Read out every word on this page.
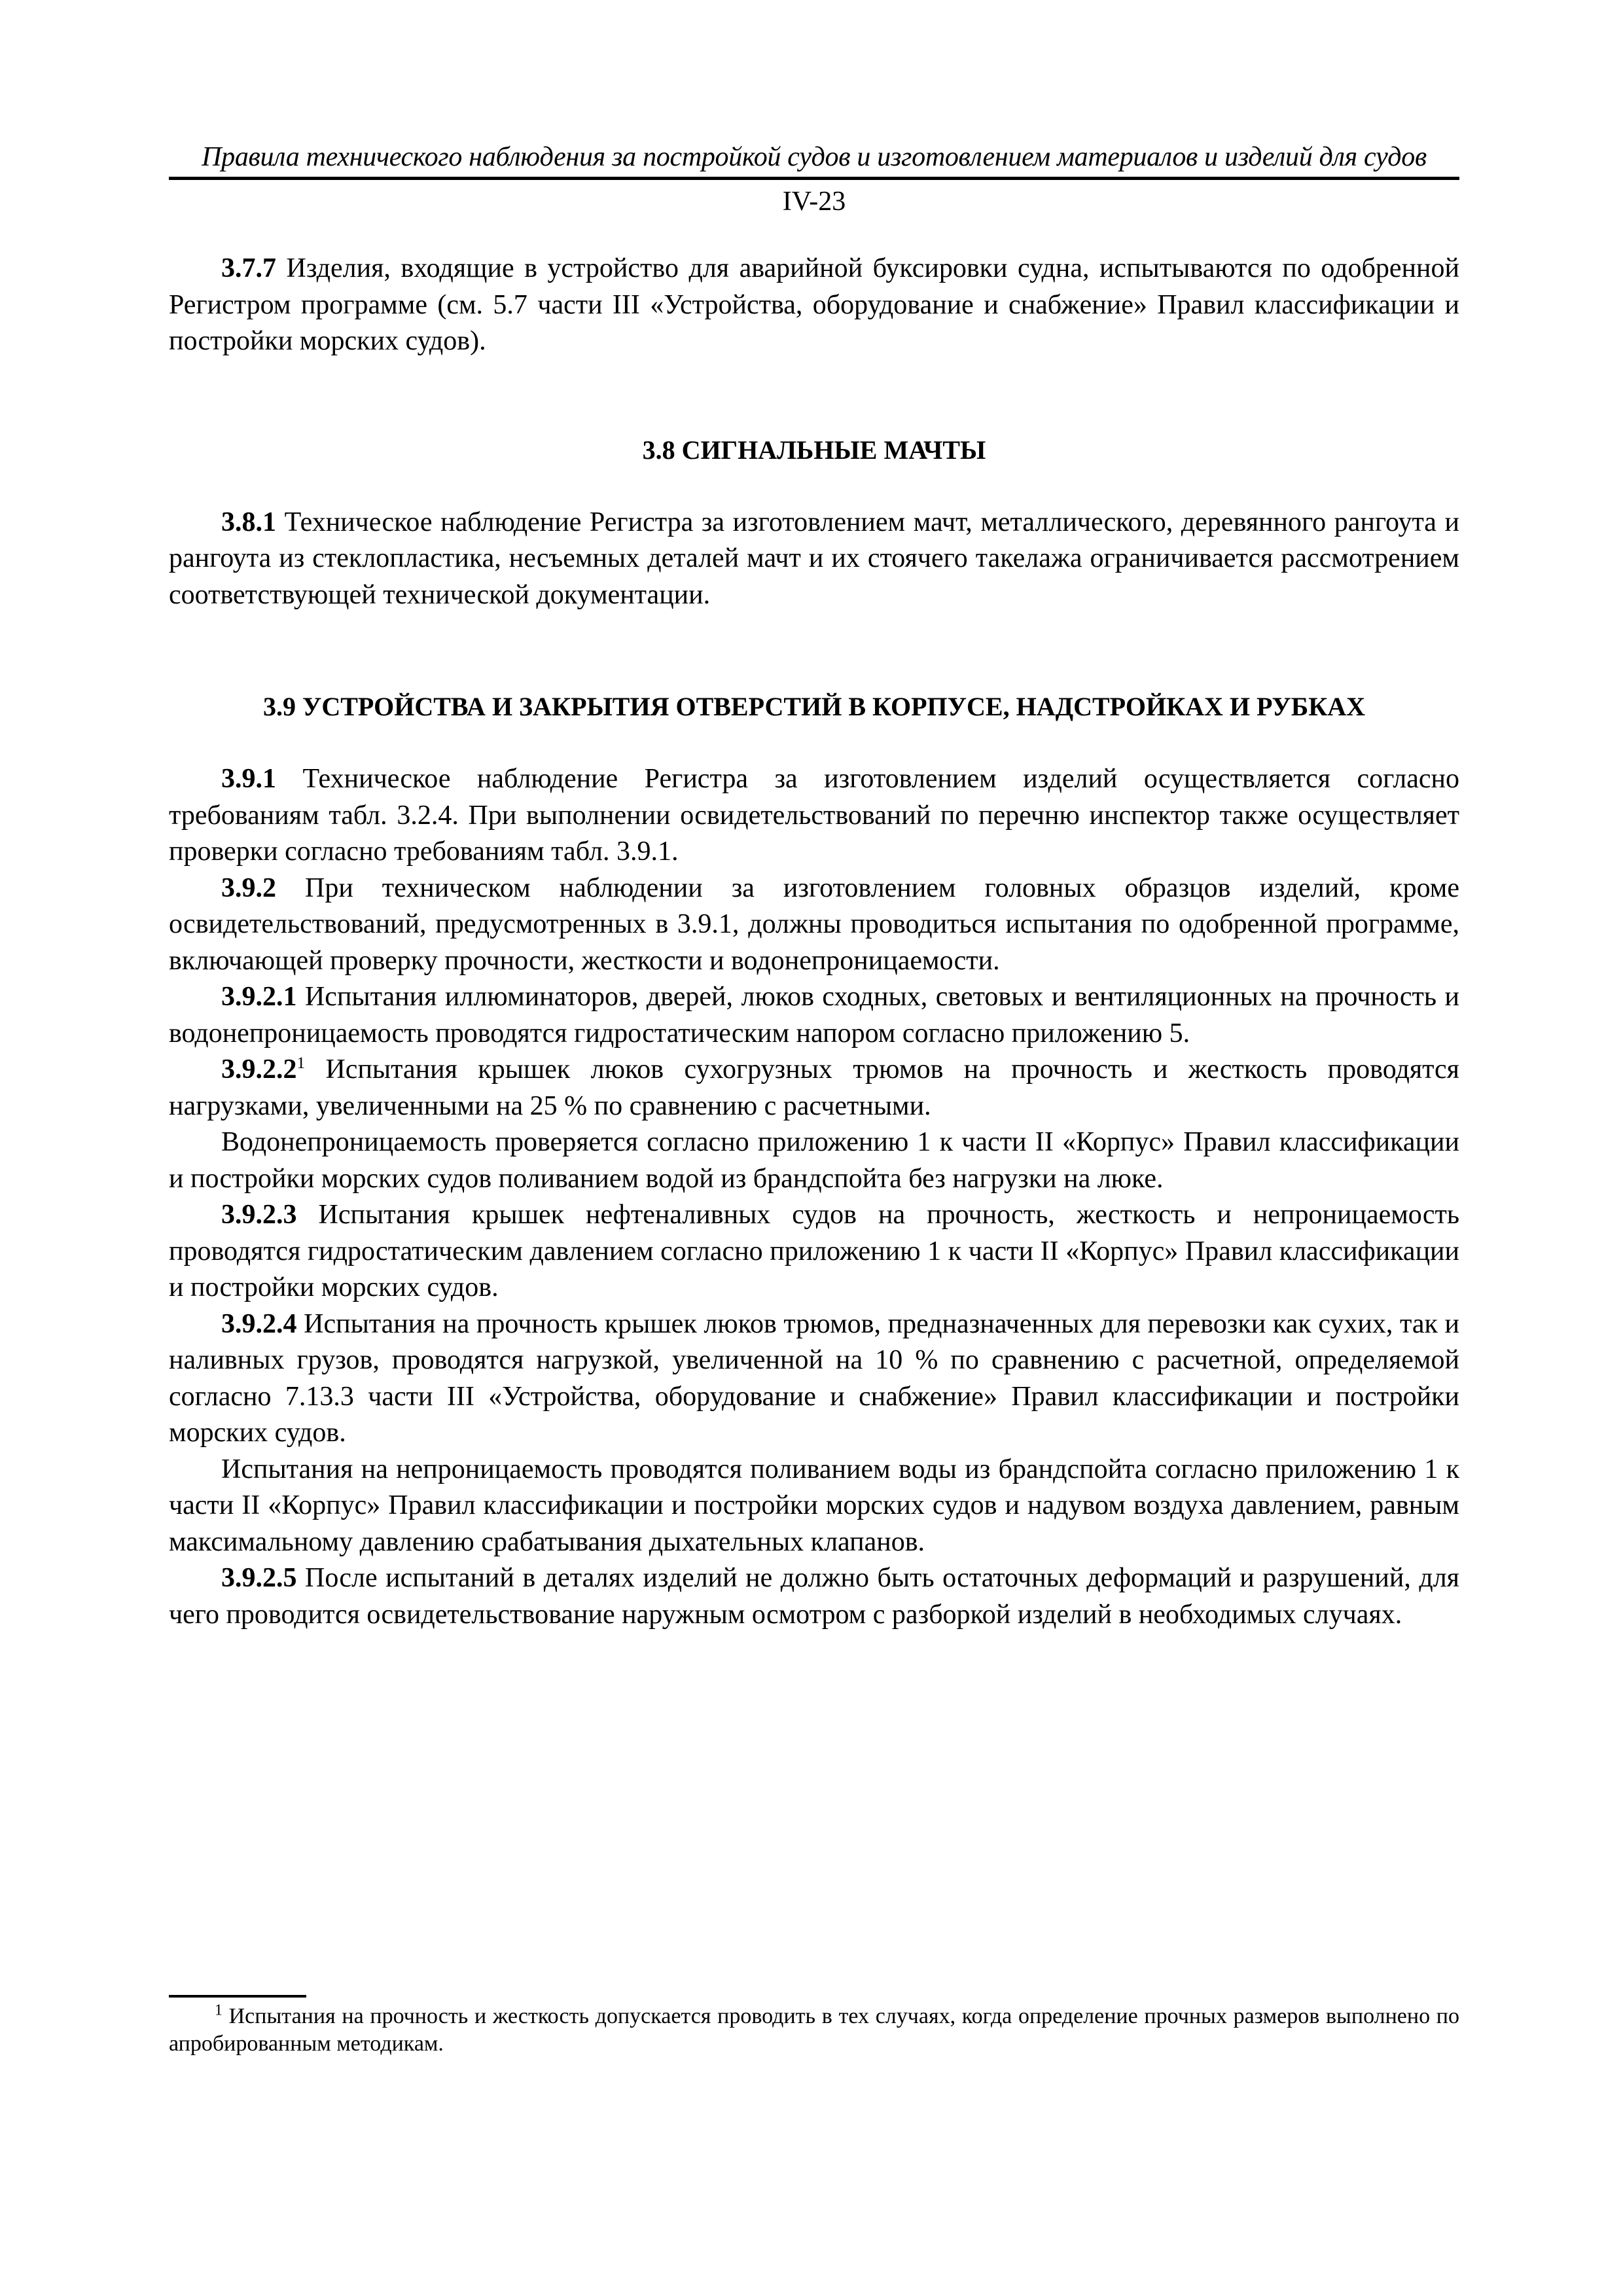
Правила технического наблюдения за постройкой судов и изготовлением материалов и изделий для судов
IV-23

3.7.7 Изделия, входящие в устройство для аварийной буксировки судна, испытываются по одобренной Регистром программе (см. 5.7 части III «Устройства, оборудование и снабжение» Правил классификации и постройки морских судов).

3.8 СИГНАЛЬНЫЕ МАЧТЫ

3.8.1 Техническое наблюдение Регистра за изготовлением мачт, металлического, деревянного рангоута и рангоута из стеклопластика, несъемных деталей мачт и их стоячего такелажа ограничивается рассмотрением соответствующей технической документации.

3.9 УСТРОЙСТВА И ЗАКРЫТИЯ ОТВЕРСТИЙ В КОРПУСЕ, НАДСТРОЙКАХ И РУБКАХ

3.9.1 Техническое наблюдение Регистра за изготовлением изделий осуществляется согласно требованиям табл. 3.2.4. При выполнении освидетельствований по перечню инспектор также осуществляет проверки согласно требованиям табл. 3.9.1.

3.9.2 При техническом наблюдении за изготовлением головных образцов изделий, кроме освидетельствований, предусмотренных в 3.9.1, должны проводиться испытания по одобренной программе, включающей проверку прочности, жесткости и водонепроницаемости.

3.9.2.1 Испытания иллюминаторов, дверей, люков сходных, световых и вентиляционных на прочность и водонепроницаемость проводятся гидростатическим напором согласно приложению 5.

3.9.2.2$^1$ Испытания крышек люков сухогрузных трюмов на прочность и жесткость проводятся нагрузками, увеличенными на 25 % по сравнению с расчетными.

Водонепроницаемость проверяется согласно приложению 1 к части II «Корпус» Правил классификации и постройки морских судов поливанием водой из брандспойта без нагрузки на люке.

3.9.2.3 Испытания крышек нефтеналивных судов на прочность, жесткость и непроницаемость проводятся гидростатическим давлением согласно приложению 1 к части II «Корпус» Правил классификации и постройки морских судов.

3.9.2.4 Испытания на прочность крышек люков трюмов, предназначенных для перевозки как сухих, так и наливных грузов, проводятся нагрузкой, увеличенной на 10 % по сравнению с расчетной, определяемой согласно 7.13.3 части III «Устройства, оборудование и снабжение» Правил классификации и постройки морских судов.

Испытания на непроницаемость проводятся поливанием воды из брандспойта согласно приложению 1 к части II «Корпус» Правил классификации и постройки морских судов и надувом воздуха давлением, равным максимальному давлению срабатывания дыхательных клапанов.

3.9.2.5 После испытаний в деталях изделий не должно быть остаточных деформаций и разрушений, для чего проводится освидетельствование наружным осмотром с разборкой изделий в необходимых случаях.

$^1$ Испытания на прочность и жесткость допускается проводить в тех случаях, когда определение прочных размеров выполнено по апробированным методикам.
